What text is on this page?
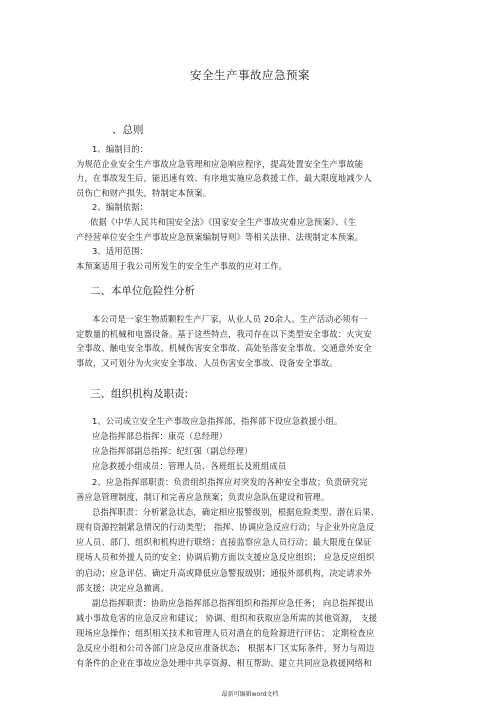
安全生产事故应急预案
、总则
1、编制目的：
为规范企业安全生产事故应急管理和应急响应程序，提高处置安全生产事故能
力，在事故发生后，能迅速有效、有序地实施应急救援工作，最大限度地减少人
员伤亡和财产损失，特制定本预案。
2、编制依据：
依据《中华人民共和国安全法》《国家安全生产事故灾难应急预案》、《生
产经营单位安全生产事故应急预案编制导则》等相关法律、法规制定本预案。
3、适用范围：
本预案适用于我公司所发生的安全生产事故的应对工作。
二、本单位危险性分析
本公司是一家生物质颗粒生产厂家，从业人员 20余人。生产活动必须有一
定数量的机械和电器设备。基于这些特点，我司存在以下类型安全事故：火灾安
全事故、触电安全事故、机械伤害安全事故、高处坠落安全事故、交通意外安全
事故，又可划分为火灾安全事故、人员伤害安全事故、设备安全事故。
三、组织机构及职责:
1、公司成立安全生产事故应急指挥部，指挥部下设应急救援小组。
应急指挥部总指挥：康亮（总经理）
应急指挥部副总指挥：纪红强（副总经理）
应急救援小组成员：管理人员、各班组长及班组成员
2、应急指挥部职责：负责组织指挥应对突发的各种安全事故；负责研究完
善应急管理制度，制订和完善应急预案；负责应急队伍建设和管理。
总指挥职责：分析紧急状态，确定相应报警级别，根据危险类型、潜在后果、
现有资源控制紧急情况的行动类型； 指挥、协调应急反应行动；与企业外应急反
应人员、部门、组织和机构进行联络；直接监察应急人员行动；最大限度在保证
现场人员和外援人员的安全；协调后勤方面以支援应急反应组织； 应急反应组织
的启动；应急评估、确定升高或降低应急警报级别；通报外部机构，决定请求外
部支援；决定应急撤离。
副总指挥职责：协助应急指挥部总指挥组织和指挥应急任务； 向总指挥提出
减小事故危害的应急反应和建议； 协调、组织和获取应急所需的其他资源， 支援
现场应急操作；组织相关技术和管理人员对潜在的危险源进行评估； 定期检查应
急反应小组和公司各部门应急反应准备状态； 根据本厂区实际条件，努力与周边
有条件的企业在事故应急处理中共享资源、相互帮助、建立共同应急救援网络和
最新可编辑word文档
